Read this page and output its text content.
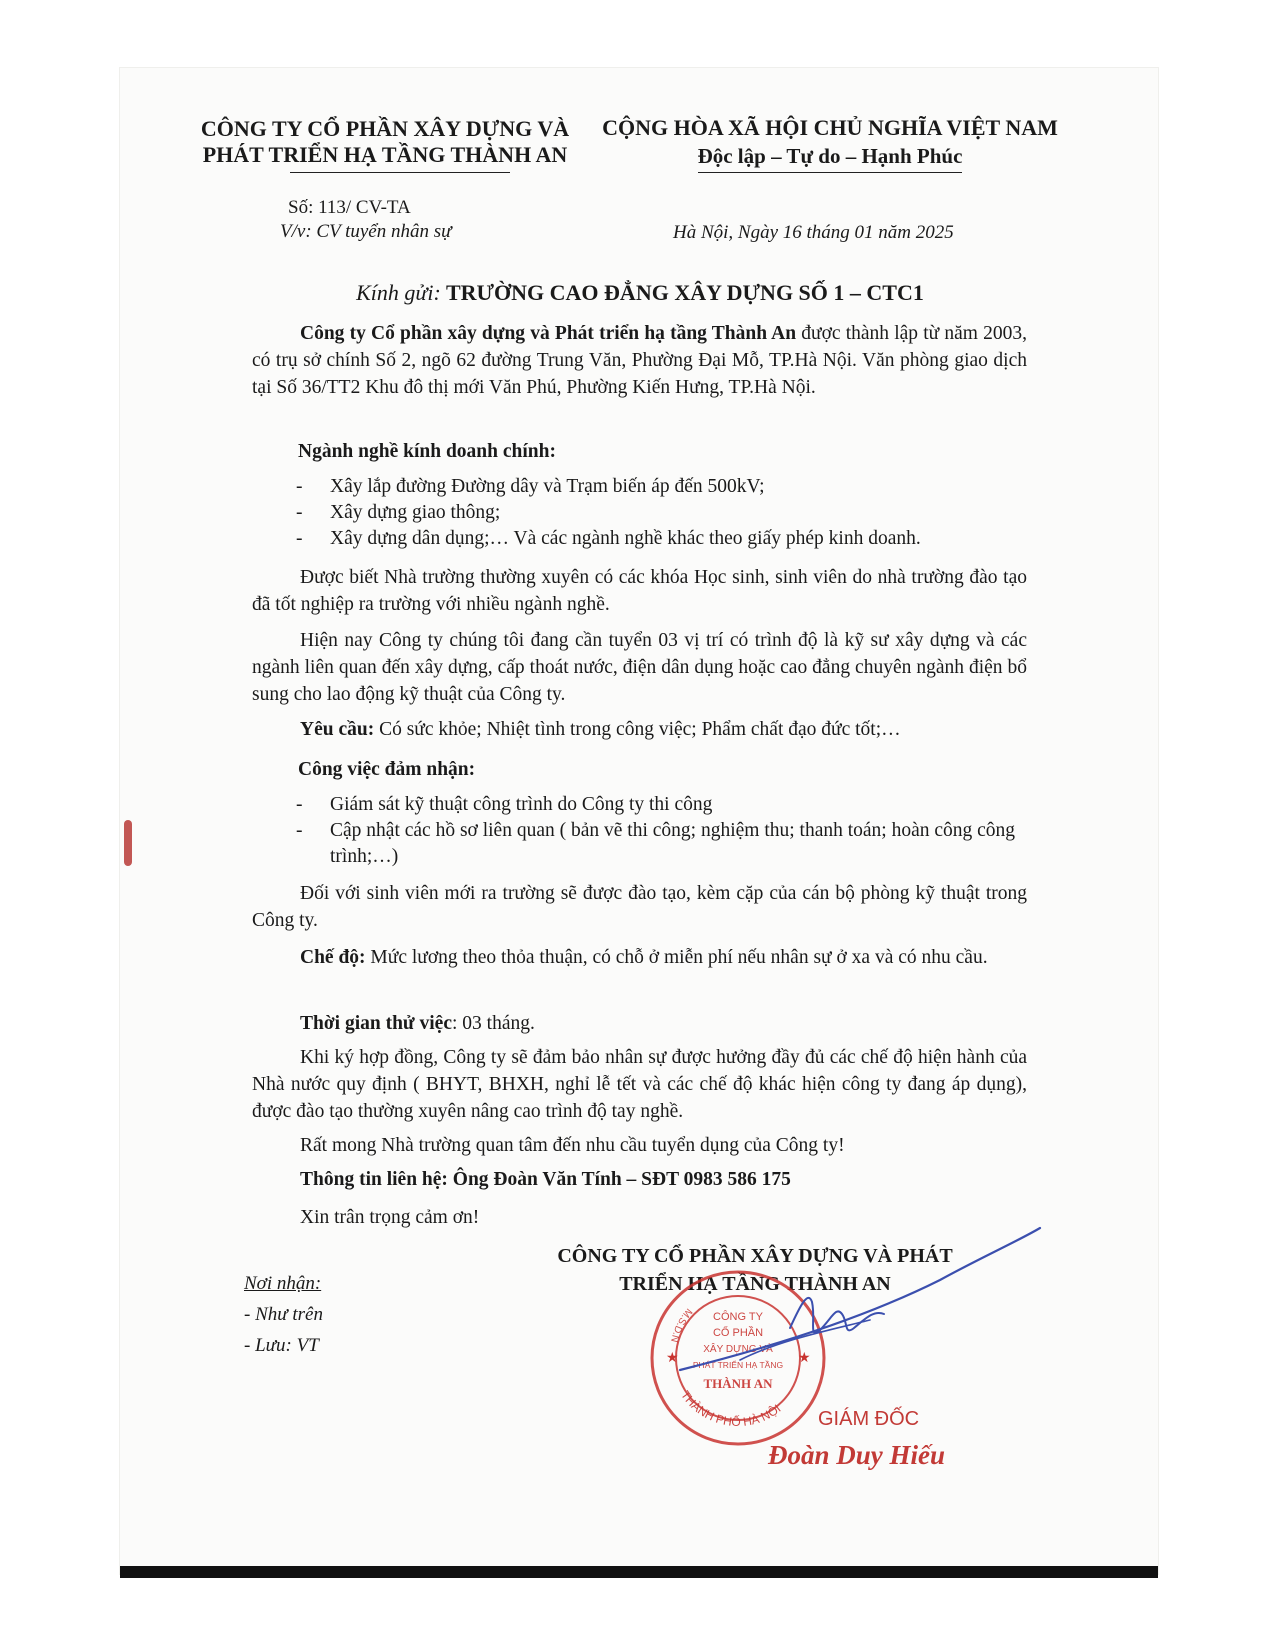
CÔNG TY CỔ PHẦN XÂY DỰNG VÀ
PHÁT TRIỂN HẠ TẦNG THÀNH AN
CỘNG HÒA XÃ HỘI CHỦ NGHĨA VIỆT NAM
Độc lập – Tự do – Hạnh Phúc
Số: 113/ CV-TA
V/v: CV tuyển nhân sự	Hà Nội, Ngày 16 tháng 01 năm 2025
Kính gửi: TRƯỜNG CAO ĐẲNG XÂY DỰNG SỐ 1 – CTC1
Công ty Cổ phần xây dựng và Phát triển hạ tầng Thành An được thành lập từ năm 2003, có trụ sở chính Số 2, ngõ 62 đường Trung Văn, Phường Đại Mỗ, TP.Hà Nội. Văn phòng giao dịch tại Số 36/TT2 Khu đô thị mới Văn Phú, Phường Kiến Hưng, TP.Hà Nội.
Ngành nghề kính doanh chính:
- Xây lắp đường Đường dây và Trạm biến áp đến 500kV;
- Xây dựng giao thông;
- Xây dựng dân dụng;… Và các ngành nghề khác theo giấy phép kinh doanh.
Được biết Nhà trường thường xuyên có các khóa Học sinh, sinh viên do nhà trường đào tạo đã tốt nghiệp ra trường với nhiều ngành nghề.
Hiện nay Công ty chúng tôi đang cần tuyển 03 vị trí có trình độ là kỹ sư xây dựng và các ngành liên quan đến xây dựng, cấp thoát nước, điện dân dụng hoặc cao đẳng chuyên ngành điện bổ sung cho lao động kỹ thuật của Công ty.
Yêu cầu: Có sức khỏe; Nhiệt tình trong công việc; Phẩm chất đạo đức tốt;…
Công việc đảm nhận:
- Giám sát kỹ thuật công trình do Công ty thi công
- Cập nhật các hồ sơ liên quan ( bản vẽ thi công; nghiệm thu; thanh toán; hoàn công công trình;…)
Đối với sinh viên mới ra trường sẽ được đào tạo, kèm cặp của cán bộ phòng kỹ thuật trong Công ty.
Chế độ: Mức lương theo thỏa thuận, có chỗ ở miễn phí nếu nhân sự ở xa và có nhu cầu.
Thời gian thử việc: 03 tháng.
Khi ký hợp đồng, Công ty sẽ đảm bảo nhân sự được hưởng đầy đủ các chế độ hiện hành của Nhà nước quy định ( BHYT, BHXH, nghỉ lễ tết và các chế độ khác hiện công ty đang áp dụng), được đào tạo thường xuyên nâng cao trình độ tay nghề.
Rất mong Nhà trường quan tâm đến nhu cầu tuyển dụng của Công ty!
Thông tin liên hệ: Ông Đoàn Văn Tính – SĐT 0983 586 175
Xin trân trọng cảm ơn!
CÔNG TY CỔ PHẦN XÂY DỰNG VÀ PHÁT
TRIỂN HẠ TẦNG THÀNH AN
Nơi nhận:
- Như trên
- Lưu: VT
THÀNH PHỐ HÀ NỘI
M.S.D.N
★	★
CÔNG TY
CỔ PHẦN
XÂY DỰNG VÀ
PHÁT TRIỂN HẠ TẦNG
THÀNH AN
GIÁM ĐỐC
Đoàn Duy Hiếu
